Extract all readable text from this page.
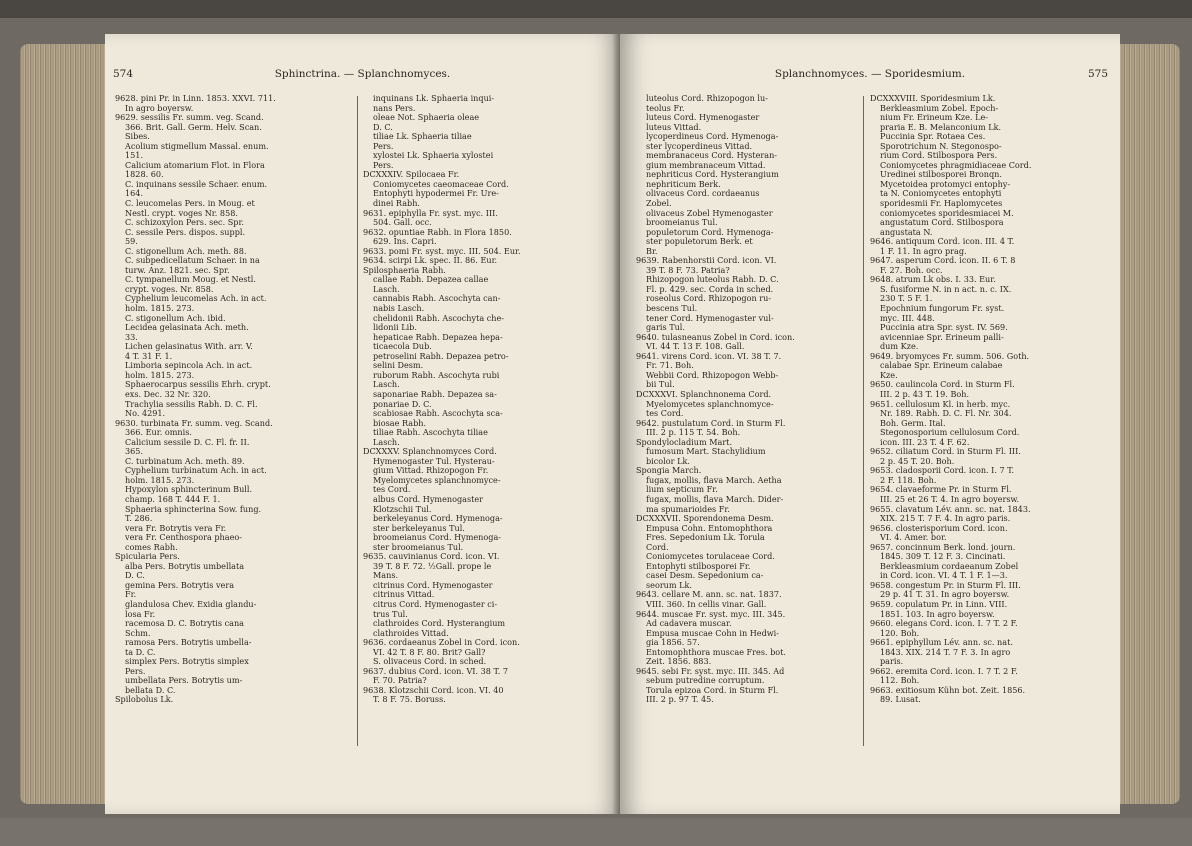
574	Sphinctrina. — Splanchnomyces.
9628. pini Pr. in Linn. 1853. XXVI. 711.
In agro boyersw.
9629. sessilis Fr. summ. veg. Scand.
366. Brit. Gall. Germ. Helv. Scan.
Sibes.
Acolium stigmellum Massal. enum.
151.
Calicium atomarium Flot. in Flora
1828. 60.
C. inquinans sessile Schaer. enum.
164.
C. leucomelas Pers. in Moug. et
Nestl. crypt. voges Nr. 858.
C. schizoxylon Pers. sec. Spr.
C. sessile Pers. dispos. suppl.
59.
C. stigonellum Ach. meth. 88.
C. subpedicellatum Schaer. in na
turw. Anz. 1821. sec. Spr.
C. tympanellum Moug. et Nestl.
crypt. voges. Nr. 858.
Cyphelium leucomelas Ach. in act.
holm. 1815. 273.
C. stigonellum Ach. ibid.
Lecidea gelasinata Ach. meth.
33.
Lichen gelasinatus With. arr. V.
4 T. 31 F. 1.
Limboria sepincola Ach. in act.
holm. 1815. 273.
Sphaerocarpus sessilis Ehrh. crypt.
exs. Dec. 32 Nr. 320.
Trachylia sessilis Rabh. D. C. Fl.
No. 4291.
9630. turbinata Fr. summ. veg. Scand.
366. Eur. omnis.
Calicium sessile D. C. Fl. fr. II.
365.
C. turbinatum Ach. meth. 89.
Cyphelium turbinatum Ach. in act.
holm. 1815. 273.
Hypoxylon sphincterinum Bull.
champ. 168 T. 444 F. 1.
Sphaeria sphincterina Sow. fung.
T. 286.
vera Fr. Botrytis vera Fr.
vera Fr. Centhospora phaeo-
comes Rabh.
Spicularia Pers.
alba Pers. Botrytis umbellata
D. C.
gemina Pers. Botrytis vera
Fr.
glandulosa Chev. Exidia glandu-
losa Fr.
racemosa D. C. Botrytis cana
Schm.
ramosa Pers. Botrytis umbella-
ta D. C.
simplex Pers. Botrytis simplex
Pers.
umbellata Pers. Botrytis um-
bellata D. C.
Spilobolus Lk.
inquinans Lk. Sphaeria inqui-
nans Pers.
oleae Not. Sphaeria oleae
D. C.
tiliae Lk. Sphaeria tiliae
Pers.
xylostei Lk. Sphaeria xylostei
Pers.
DCXXXIV. Spilocaea Fr.
Coniomycetes caeomaceae Cord.
Entophyti hypodermei Fr. Ure-
dinei Rabh.
9631. epiphylla Fr. syst. myc. III.
504. Gall. occ.
9632. opuntiae Rabh. in Flora 1850.
629. Ins. Capri.
9633. pomi Fr. syst. myc. III. 504. Eur.
9634. scirpi Lk. spec. II. 86. Eur.
Spilosphaeria Rabh.
callae Rabh. Depazea callae
Lasch.
cannabis Rabh. Ascochyta can-
nabis Lasch.
chelidonii Rabh. Ascochyta che-
lidonii Lib.
hepaticae Rabh. Depazea hepa-
ticaecola Dub.
petroselini Rabh. Depazea petro-
selini Desm.
ruborum Rabh. Ascochyta rubi
Lasch.
saponariae Rabh. Depazea sa-
ponariae D. C.
scabiosae Rabh. Ascochyta sca-
biosae Rabh.
tiliae Rabh. Ascochyta tiliae
Lasch.
DCXXXV. Splanchnomyces Cord.
Hymenogaster Tul. Hysterau-
gium Vittad. Rhizopogon Fr.
Myelomycetes splanchnomyce-
tes Cord.
albus Cord. Hymenogaster
Klotzschii Tul.
berkeleyanus Cord. Hymenoga-
ster berkeleyanus Tul.
broomeianus Cord. Hymenoga-
ster broomeianus Tul.
9635. cauvinianus Cord. icon. VI.
39 T. 8 F. 72. ½Gall. prope le
Mans.
citrinus Cord. Hymenogaster
citrinus Vittad.
citrus Cord. Hymenogaster ci-
trus Tul.
clathroides Cord. Hysterangium
clathroides Vittad.
9636. cordaeanus Zobel in Cord. icon.
VI. 42 T. 8 F. 80. Brit? Gall?
S. olivaceus Cord. in sched.
9637. dubius Cord. icon. VI. 38 T. 7
F. 70. Patria?
9638. Klotzschii Cord. icon. VI. 40
T. 8 F. 75. Boruss.
Splanchnomyces. — Sporidesmium.	575
luteolus Cord. Rhizopogon lu-
teolus Fr.
luteus Cord. Hymenogaster
luteus Vittad.
lycoperdineus Cord. Hymenoga-
ster lycoperdineus Vittad.
membranaceus Cord. Hysteran-
gium membranaceum Vittad.
nephriticus Cord. Hysterangium
nephriticum Berk.
olivaceus Cord. cordaeanus
Zobel.
olivaceus Zobel Hymenogaster
broomeianus Tul.
populetorum Cord. Hymenoga-
ster populetorum Berk. et
Br.
9639. Rabenhorstii Cord. icon. VI.
39 T. 8 F. 73. Patria?
Rhizopogon luteolus Rabh. D. C.
Fl. p. 429. sec. Corda in sched.
roseolus Cord. Rhizopogon ru-
bescens Tul.
tener Cord. Hymenogaster vul-
garis Tul.
9640. tulasneanus Zobel in Cord. icon.
VI. 44 T. 13 F. 108. Gall.
9641. virens Cord. icon. VI. 38 T. 7.
Fr. 71. Boh.
Webbii Cord. Rhizopogon Webb-
bii Tul.
DCXXXVI. Splanchnonema Cord.
Myelomycetes splanchnomyce-
tes Cord.
9642. pustulatum Cord. in Sturm Fl.
III. 2 p. 115 T. 54. Boh.
Spondylocladium Mart.
fumosum Mart. Stachylidium
bicolor Lk.
Spongia March.
fugax, mollis, flava March. Aetha
lium septicum Fr.
fugax, mollis, flava March. Dider-
ma spumarioides Fr.
DCXXXVII. Sporendonema Desm.
Empusa Cohn. Entomophthora
Fres. Sepedonium Lk. Torula
Cord.
Coniomycetes torulaceae Cord.
Entophyti stilbosporei Fr.
casei Desm. Sepedonium ca-
seorum Lk.
9643. cellare M. ann. sc. nat. 1837.
VIII. 360. In cellis vinar. Gall.
9644. muscae Fr. syst. myc. III. 345.
Ad cadavera muscar.
Empusa muscae Cohn in Hedwi-
gia 1856. 57.
Entomophthora muscae Fres. bot.
Zeit. 1856. 883.
9645. sebi Fr. syst. myc. III. 345. Ad
sebum putredine corruptum.
Torula epizoa Cord. in Sturm Fl.
III. 2 p. 97 T. 45.
DCXXXVIII. Sporidesmium Lk.
Berkleasmium Zobel. Epoch-
nium Fr. Erineum Kze. Le-
praria E. B. Melanconium Lk.
Puccinia Spr. Rotaea Ces.
Sporotrichum N. Stegonospo-
rium Cord. Stilbospora Pers.
Coniomycetes phragmidiaceae Cord.
Uredinei stilbosporei Bronqn.
Mycetoidea protomyci entophy-
ta N. Coniomycetes entophyti
sporidesmii Fr. Haplomycetes
coniomycetes sporidesmiacei M.
angustatum Cord. Stilbospora
angustata N.
9646. antiquum Cord. icon. III. 4 T.
1 F. 11. In agro prag.
9647. asperum Cord. icon. II. 6 T. 8
F. 27. Boh. occ.
9648. atrum Lk obs. I. 33. Eur.
S. fusiforme N. in n act. n. c. IX.
230 T. 5 F. 1.
Epochnium fungorum Fr. syst.
myc. III. 448.
Puccinia atra Spr. syst. IV. 569.
avicenniae Spr. Erineum palli-
dum Kze.
9649. bryomyces Fr. summ. 506. Goth.
calabae Spr. Erineum calabae
Kze.
9650. caulincola Cord. in Sturm Fl.
III. 2 p. 43 T. 19. Boh.
9651. cellulosum Kl. in herb. myc.
Nr. 189. Rabh. D. C. Fl. Nr. 304.
Boh. Germ. Ital.
Stegonosporium cellulosum Cord.
icon. III. 23 T. 4 F. 62.
9652. ciliatum Cord. in Sturm Fl. III.
2 p. 45 T. 20. Boh.
9653. cladosporii Cord. icon. I. 7 T.
2 F. 118. Boh.
9654. clavaeforme Pr. in Sturm Fl.
III. 25 et 26 T. 4. In agro boyersw.
9655. clavatum Lév. ann. sc. nat. 1843.
XIX. 215 T. 7 F. 4. In agro paris.
9656. closterisporium Cord. icon.
VI. 4. Amer. bor.
9657. concinnum Berk. lond. journ.
1845. 309 T. 12 F. 3. Cincinati.
Berkleasmium cordaeanum Zobel
in Cord. icon. VI. 4 T. 1 F. 1—3.
9658. congestum Pr. in Sturm Fl. III.
29 p. 41 T. 31. In agro boyersw.
9659. copulatum Pr. in Linn. VIII.
1851. 103. In agro boyersw.
9660. elegans Cord. icon. I. 7 T. 2 F.
120. Boh.
9661. epiphyllum Lév. ann. sc. nat.
1843. XIX. 214 T. 7 F. 3. In agro
paris.
9662. eremita Cord. icon. I. 7 T. 2 F.
112. Boh.
9663. exitiosum Kühn bot. Zeit. 1856.
89. Lusat.
